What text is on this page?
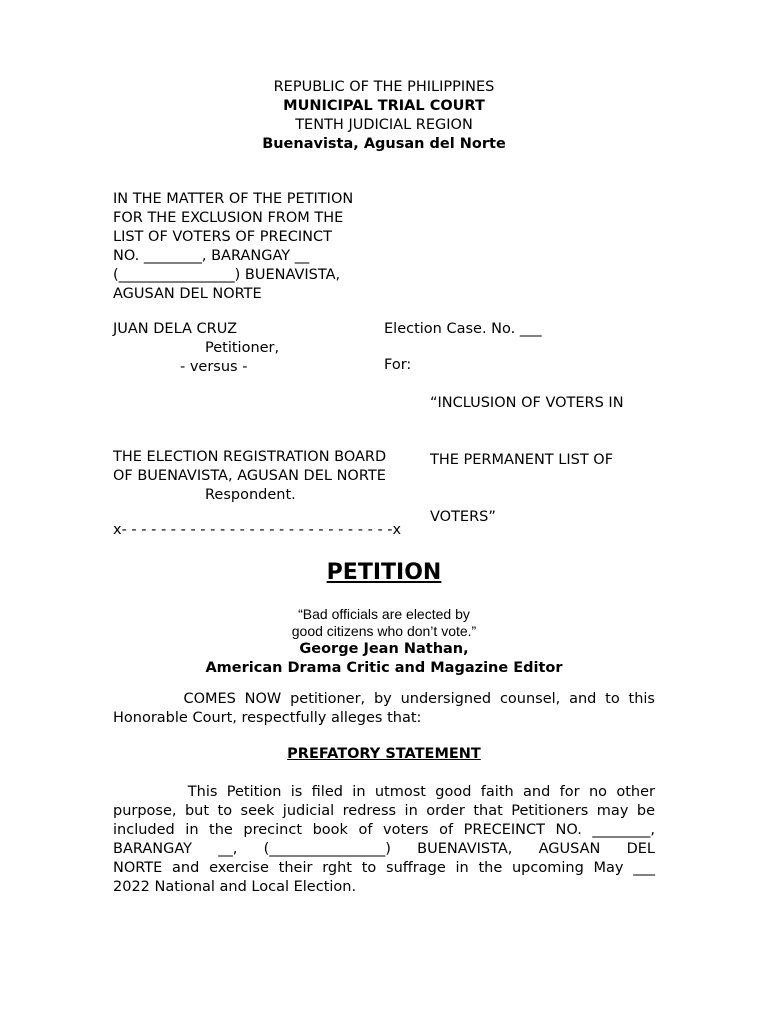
REPUBLIC OF THE PHILIPPINES
MUNICIPAL TRIAL COURT
TENTH JUDICIAL REGION
Buenavista, Agusan del Norte
IN THE MATTER OF THE PETITION
FOR THE EXCLUSION FROM THE
LIST OF VOTERS OF PRECINCT
NO. ________, BARANGAY __
(________________) BUENAVISTA,
AGUSAN DEL NORTE
JUAN DELA CRUZ
Petitioner,
- versus -
Election Case. No. ___
For:

“INCLUSION OF VOTERS IN

THE PERMANENT LIST OF

VOTERS”

THE ELECTION REGISTRATION BOARD
OF BUENAVISTA, AGUSAN DEL NORTE
Respondent.
x- - - - - - - - - - - - - - - - - - - - - - - - - - - -x
PETITION
“Bad officials are elected by
good citizens who don’t vote.”
George Jean Nathan,
American Drama Critic and Magazine Editor
COMES NOW petitioner, by undersigned counsel, and to this
Honorable Court, respectfully alleges that:
PREFATORY STATEMENT
This Petition is filed in utmost good faith and for no other
purpose, but to seek judicial redress in order that Petitioners may be
included in the precinct book of voters of PRECEINCT NO. ________,
BARANGAY __, (________________) BUENAVISTA, AGUSAN DEL
NORTE and exercise their rght to suffrage in the upcoming May ___
2022 National and Local Election.
